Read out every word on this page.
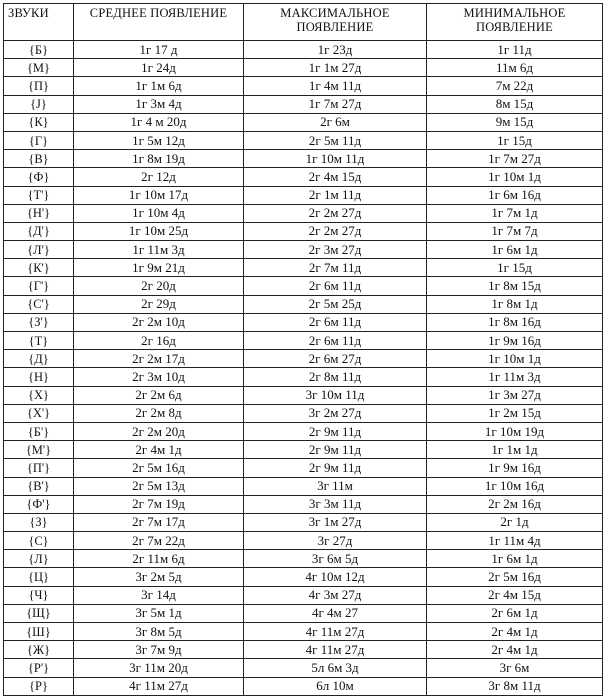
ЗВУКИ	СРЕДНЕЕ ПОЯВЛЕНИЕ	МАКСИМАЛЬНОЕ ПОЯВЛЕНИЕ	МИНИМАЛЬНОЕ ПОЯВЛЕНИЕ
{Б}	1г 17 д	1г 23д	1г 11д
{М}	1г 24д	1г 1м 27д	11м 6д
{П}	1г 1м 6д	1г 4м 11д	7м 22д
{J}	1г 3м 4д	1г 7м 27д	8м 15д
{К}	1г 4 м 20д	2г 6м	9м 15д
{Г}	1г 5м 12д	2г 5м 11д	1г 15д
{В}	1г 8м 19д	1г 10м 11д	1г 7м 27д
{Ф}	2г 12д	2г 4м 15д	1г 10м 1д
{Т'}	1г 10м 17д	2г 1м 11д	1г 6м 16д
{Н'}	1г 10м 4д	2г 2м 27д	1г 7м 1д
{Д'}	1г 10м 25д	2г 2м 27д	1г 7м 7д
{Л'}	1г 11м 3д	2г 3м 27д	1г 6м 1д
{К'}	1г 9м 21д	2г 7м 11д	1г 15д
{Г'}	2г 20д	2г 6м 11д	1г 8м 15д
{С'}	2г 29д	2г 5м 25д	1г 8м 1д
{З'}	2г 2м 10д	2г 6м 11д	1г 8м 16д
{Т}	2г 16д	2г 6м 11д	1г 9м 16д
{Д}	2г 2м 17д	2г 6м 27д	1г 10м 1д
{Н}	2г 3м 10д	2г 8м 11д	1г 11м 3д
{Х}	2г 2м 6д	3г 10м 11д	1г 3м 27д
{Х'}	2г 2м 8д	3г 2м 27д	1г 2м 15д
{Б'}	2г 2м 20д	2г 9м 11д	1г 10м 19д
{М'}	2г 4м 1д	2г 9м 11д	1г 1м 1д
{П'}	2г 5м 16д	2г 9м 11д	1г 9м 16д
{В'}	2г 5м 13д	3г 11м	1г 10м 16д
{Ф'}	2г 7м 19д	3г 3м 11д	2г 2м 16д
{З}	2г 7м 17д	3г 1м 27д	2г 1д
{С}	2г 7м 22д	3г 27д	1г 11м 4д
{Л}	2г 11м 6д	3г 6м 5д	1г 6м 1д
{Ц}	3г 2м 5д	4г 10м 12д	2г 5м 16д
{Ч}	3г 14д	4г 3м 27д	2г 4м 15д
{Щ}	3г 5м 1д	4г 4м 27	2г 6м 1д
{Ш}	3г 8м 5д	4г 11м 27д	2г 4м 1д
{Ж}	3г 7м 9д	4г 11м 27д	2г 4м 1д
{Р'}	3г 11м 20д	5л 6м 3д	3г 6м
{Р}	4г 11м 27д	6л 10м	3г 8м 11д
